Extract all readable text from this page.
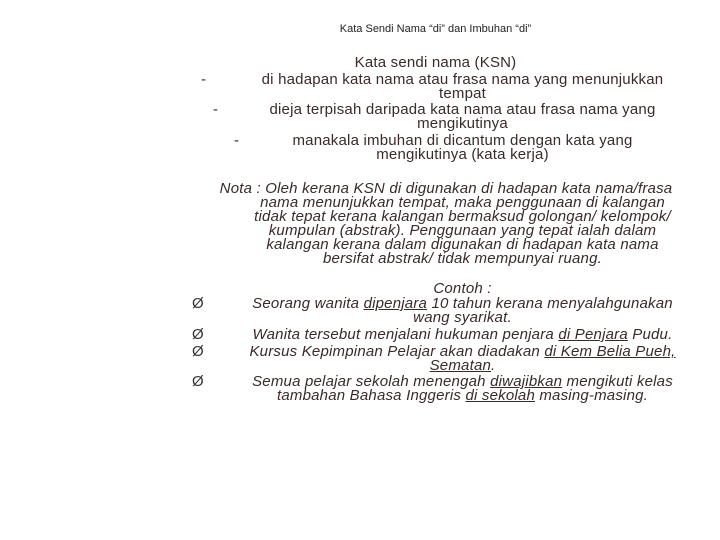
Kata Sendi Nama “di” dan Imbuhan “di”
Kata sendi nama (KSN)
-	di hadapan kata nama atau frasa nama yang menunjukkan
tempat
-	dieja terpisah daripada kata nama atau frasa nama yang
mengikutinya
-	manakala imbuhan di dicantum dengan kata yang
mengikutinya (kata kerja)
Nota : Oleh kerana KSN di digunakan di hadapan kata nama/frasa
nama menunjukkan tempat, maka penggunaan di kalangan
tidak tepat kerana kalangan bermaksud golongan/ kelompok/
kumpulan (abstrak). Penggunaan yang tepat ialah dalam
kalangan kerana dalam digunakan di hadapan kata nama
bersifat abstrak/ tidak mempunyai ruang.
Contoh :
Ø	Seorang wanita dipenjara 10 tahun kerana menyalahgunakan
wang syarikat.
Ø	Wanita tersebut menjalani hukuman penjara di Penjara Pudu.
Ø	Kursus Kepimpinan Pelajar akan diadakan di Kem Belia Pueh,
Sematan.
Ø	Semua pelajar sekolah menengah diwajibkan mengikuti kelas
tambahan Bahasa Inggeris di sekolah masing-masing.
